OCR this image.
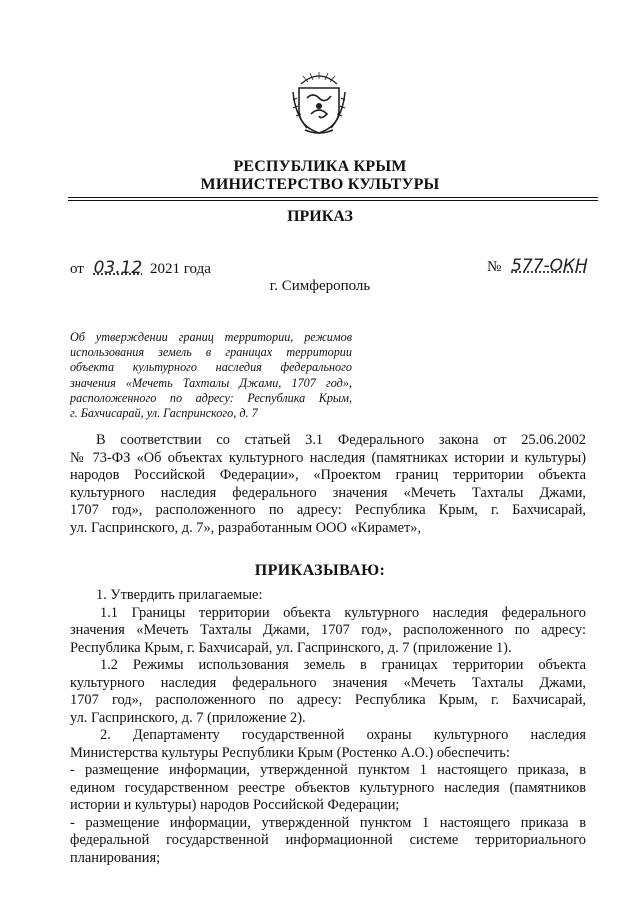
РЕСПУБЛИКА КРЫМ
МИНИСТЕРСТВО КУЛЬТУРЫ
ПРИКАЗ
от 03.12 2021 года	№ 577-ОКН
г. Симферополь
Об утверждении границ территории, режимов
использования земель в границах территории
объекта культурного наследия федерального
значения «Мечеть Тахталы Джами, 1707 год»,
расположенного по адресу: Республика Крым,
г. Бахчисарай, ул. Гаспринского, д. 7
В соответствии со статьей 3.1 Федерального закона от 25.06.2002
№ 73-ФЗ «Об объектах культурного наследия (памятниках истории и культуры)
народов Российской Федерации», «Проектом границ территории объекта
культурного наследия федерального значения «Мечеть Тахталы Джами,
1707 год», расположенного по адресу: Республика Крым, г. Бахчисарай,
ул. Гаспринского, д. 7», разработанным ООО «Кирамет»,
ПРИКАЗЫВАЮ:
1. Утвердить прилагаемые:
1.1 Границы территории объекта культурного наследия федерального
значения «Мечеть Тахталы Джами, 1707 год», расположенного по адресу:
Республика Крым, г. Бахчисарай, ул. Гаспринского, д. 7 (приложение 1).
1.2 Режимы использования земель в границах территории объекта
культурного наследия федерального значения «Мечеть Тахталы Джами,
1707 год», расположенного по адресу: Республика Крым, г. Бахчисарай,
ул. Гаспринского, д. 7 (приложение 2).
2. Департаменту государственной охраны культурного наследия
Министерства культуры Республики Крым (Ростенко А.О.) обеспечить:
- размещение информации, утвержденной пунктом 1 настоящего приказа, в
едином государственном реестре объектов культурного наследия (памятников
истории и культуры) народов Российской Федерации;
- размещение информации, утвержденной пунктом 1 настоящего приказа в
федеральной государственной информационной системе территориального
планирования;
